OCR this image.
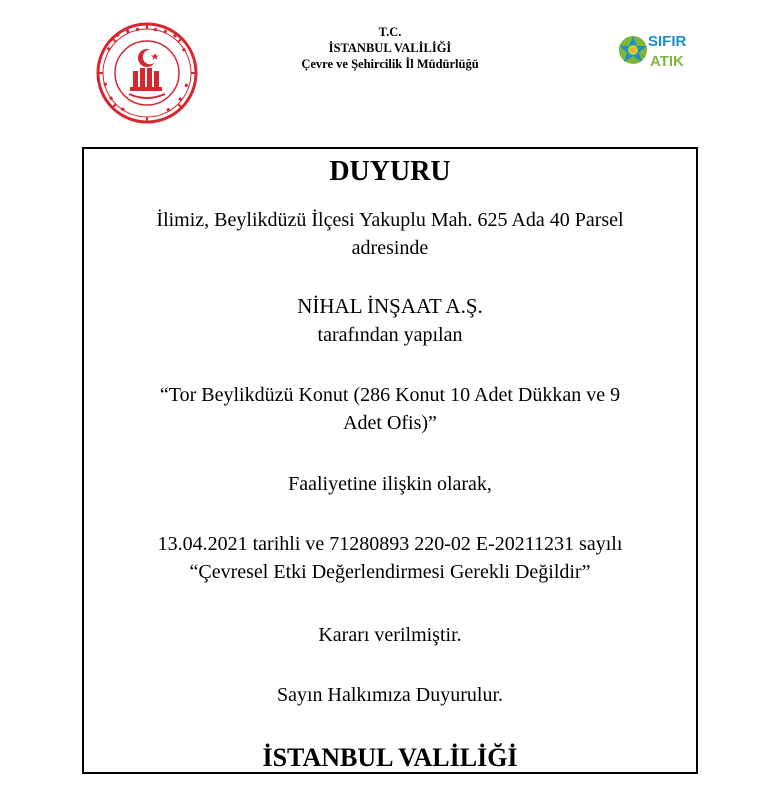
T.C.
İSTANBUL VALİLİĞİ
Çevre ve Şehircilik İl Müdürlüğü
SIFIR
ATIK
DUYURU
İlimiz, Beylikdüzü İlçesi Yakuplu Mah. 625 Ada 40 Parsel
adresinde
NİHAL İNŞAAT A.Ş.
tarafından yapılan
“Tor Beylikdüzü Konut (286 Konut 10 Adet Dükkan ve 9
Adet Ofis)”
Faaliyetine ilişkin olarak,
13.04.2021 tarihli ve 71280893 220-02 E-20211231 sayılı
“Çevresel Etki Değerlendirmesi Gerekli Değildir”
Kararı verilmiştir.
Sayın Halkımıza Duyurulur.
İSTANBUL VALİLİĞİ
